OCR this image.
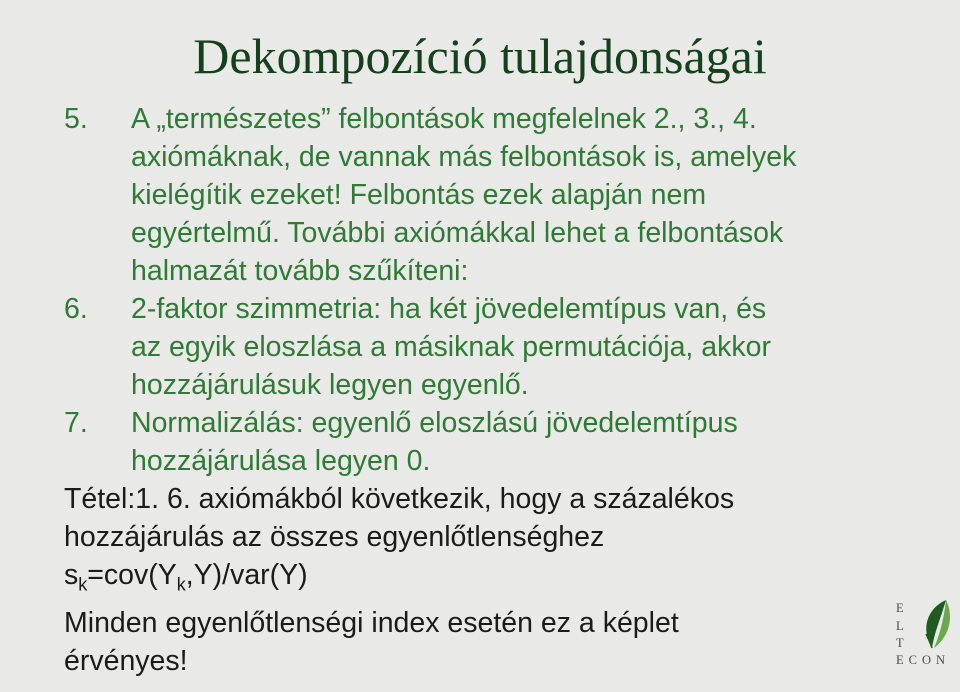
Dekompozíció tulajdonságai
5. A „természetes” felbontások megfelelnek 2., 3., 4.
axiómáknak, de vannak más felbontások is, amelyek
kielégítik ezeket! Felbontás ezek alapján nem
egyértelmű. További axiómákkal lehet a felbontások
halmazát tovább szűkíteni:
6. 2-faktor szimmetria: ha két jövedelemtípus van, és
az egyik eloszlása a másiknak permutációja, akkor
hozzájárulásuk legyen egyenlő.
7. Normalizálás: egyenlő eloszlású jövedelemtípus
hozzájárulása legyen 0.
Tétel:1. 6. axiómákból következik, hogy a százalékos
hozzájárulás az összes egyenlőtlenséghez
$s_k=cov(Y_k,Y)/var(Y)$
Minden egyenlőtlenségi index esetén ez a képlet
érvényes!
E
L
T
ECON
